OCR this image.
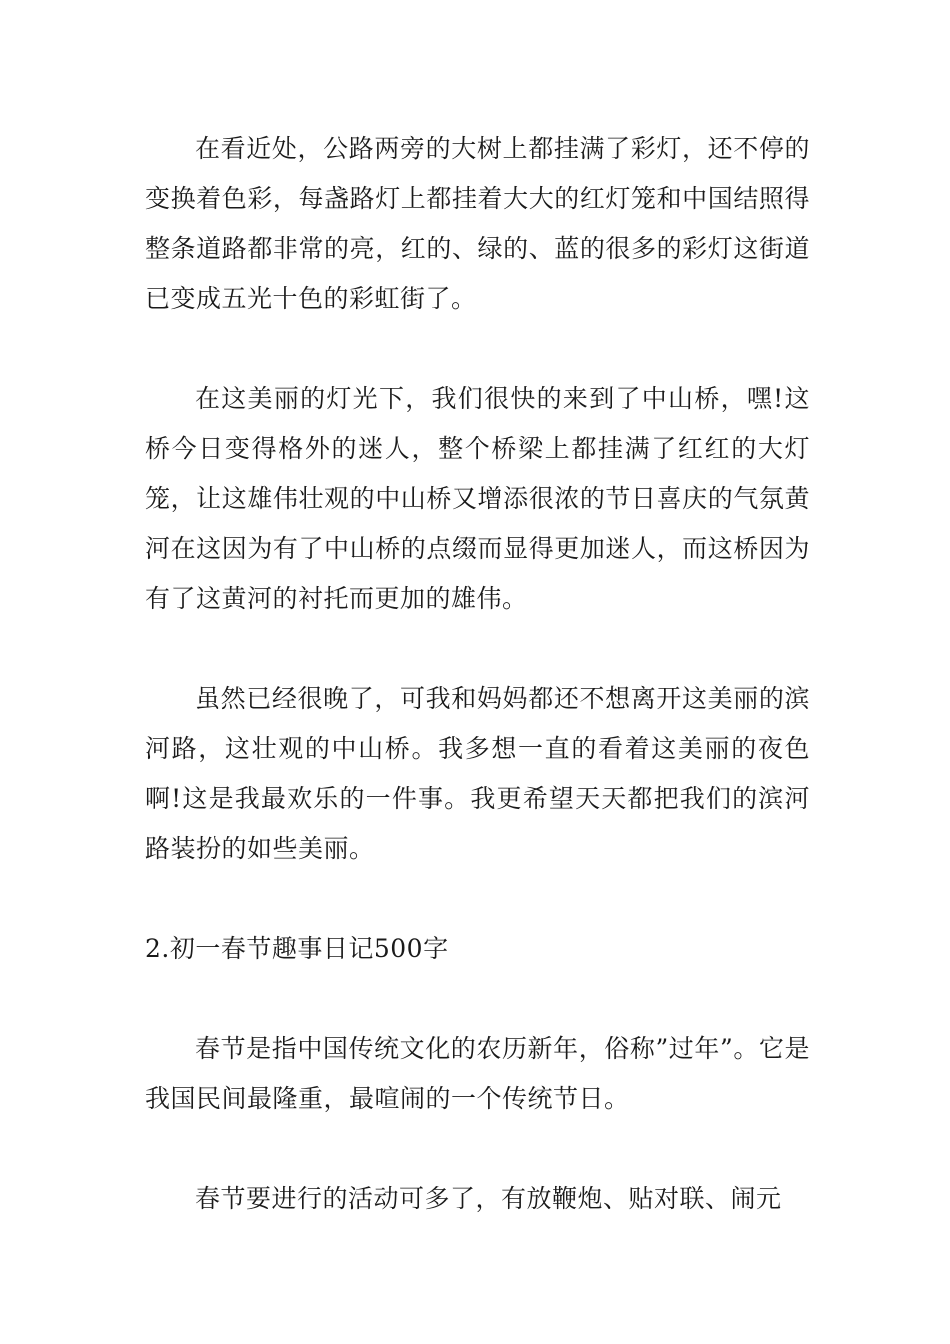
在看近处，公路两旁的大树上都挂满了彩灯，还不停的变换着色彩，每盏路灯上都挂着大大的红灯笼和中国结照得整条道路都非常的亮，红的、绿的、蓝的很多的彩灯这街道已变成五光十色的彩虹街了。

在这美丽的灯光下，我们很快的来到了中山桥，嘿!这桥今日变得格外的迷人，整个桥梁上都挂满了红红的大灯笼，让这雄伟壮观的中山桥又增添很浓的节日喜庆的气氛黄河在这因为有了中山桥的点缀而显得更加迷人，而这桥因为有了这黄河的衬托而更加的雄伟。

虽然已经很晚了，可我和妈妈都还不想离开这美丽的滨河路，这壮观的中山桥。我多想一直的看着这美丽的夜色啊!这是我最欢乐的一件事。我更希望天天都把我们的滨河路装扮的如些美丽。

2.初一春节趣事日记500字

春节是指中国传统文化的农历新年，俗称”过年”。它是我国民间最隆重，最喧闹的一个传统节日。

春节要进行的活动可多了，有放鞭炮、贴对联、闹元
